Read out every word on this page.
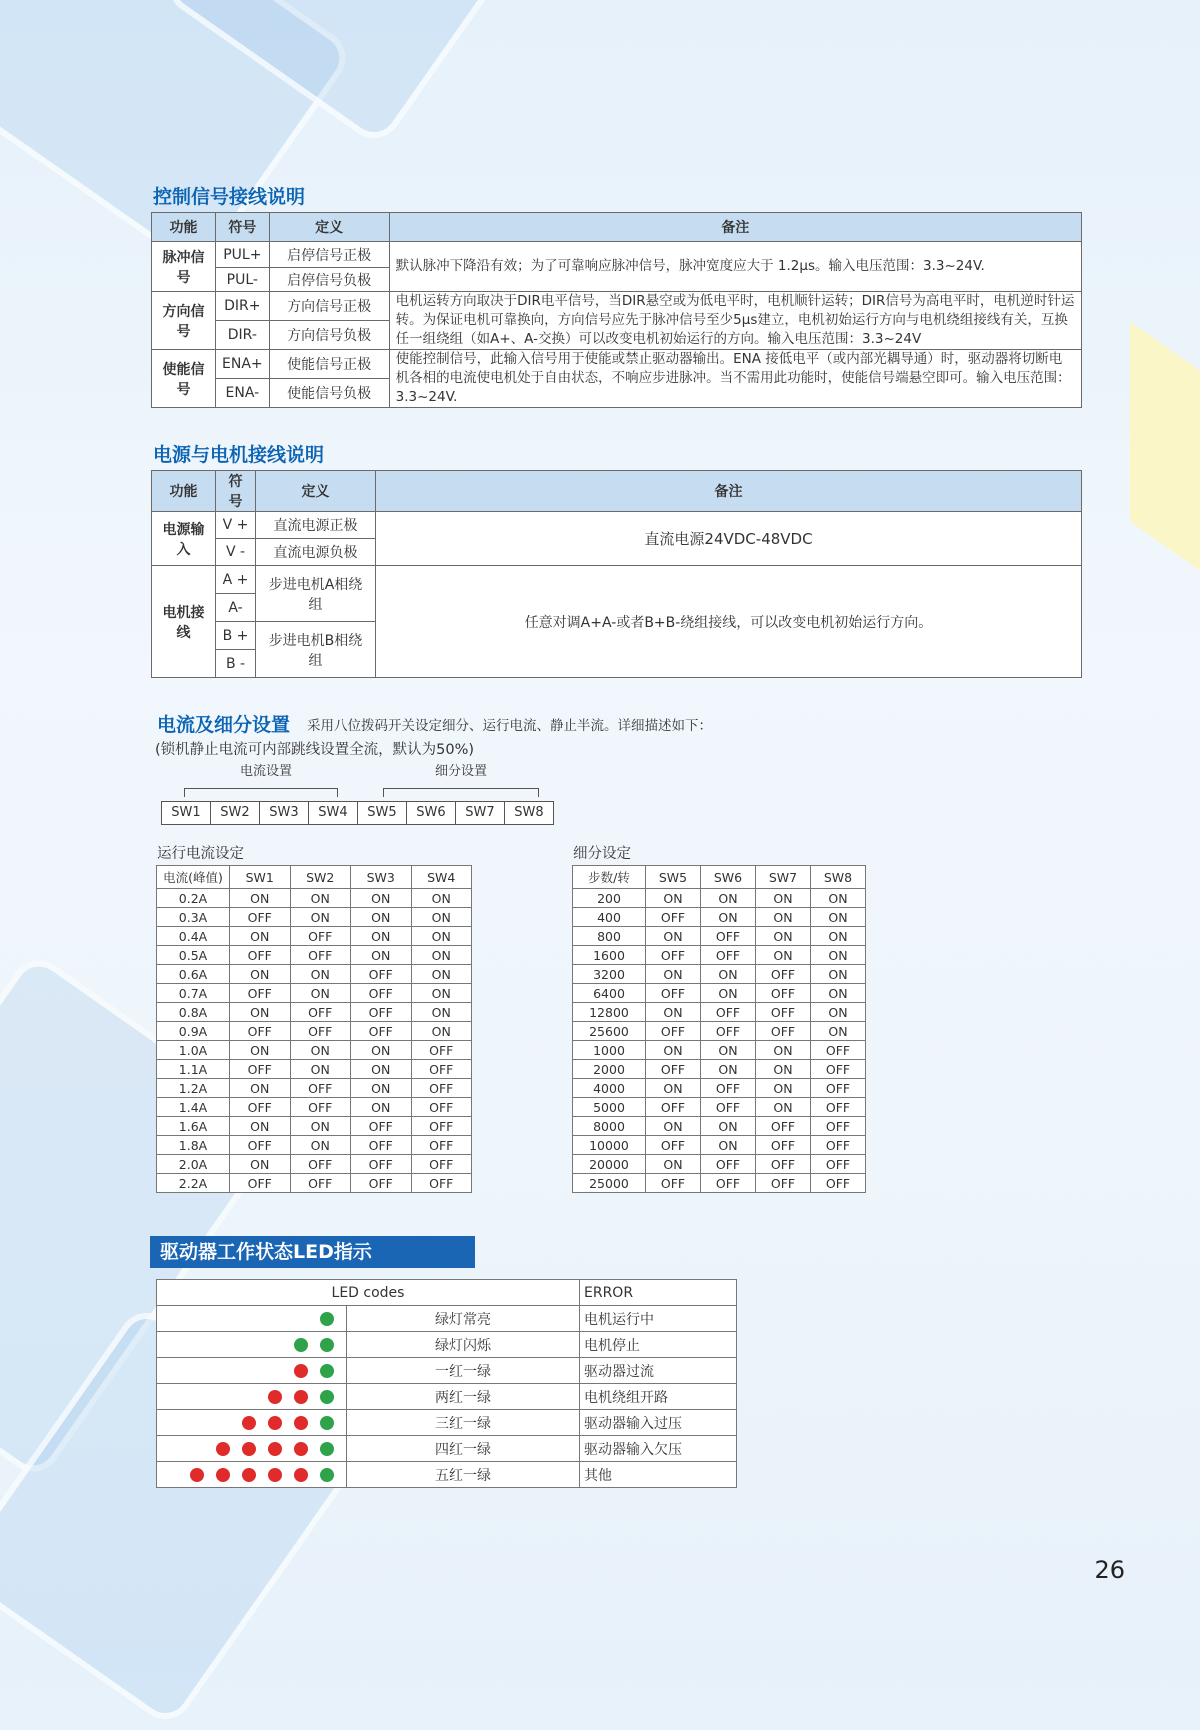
控制信号接线说明
功能	符号	定义	备注
脉冲信号	PUL+	启停信号正极	默认脉冲下降沿有效；为了可靠响应脉冲信号，脉冲宽度应大于 1.2μs。输入电压范围：3.3~24V.
	PUL-	启停信号负极	
方向信号	DIR+	方向信号正极	电机运转方向取决于DIR电平信号，当DIR悬空或为低电平时，电机顺针运转；DIR信号为高电平时，电机逆时针运转。为保证电机可靠换向，方向信号应先于脉冲信号至少5μs建立，电机初始运行方向与电机绕组接线有关，互换任一组绕组（如A+、A-交换）可以改变电机初始运行的方向。输入电压范围：3.3~24V
	DIR-	方向信号负极	
使能信号	ENA+	使能信号正极	使能控制信号，此输入信号用于使能或禁止驱动器输出。ENA 接低电平（或内部光耦导通）时，驱动器将切断电机各相的电流使电机处于自由状态，不响应步进脉冲。当不需用此功能时，使能信号端悬空即可。输入电压范围：3.3~24V.
	ENA-	使能信号负极	
电源与电机接线说明
功能	符号	定义	备注
电源输入	V +	直流电源正极	直流电源24VDC-48VDC
	V -	直流电源负极	
电机接线	A +	步进电机A相绕组	任意对调A+A-或者B+B-绕组接线，可以改变电机初始运行方向。
	A-		
	B +	步进电机B相绕组	
	B -		
电流及细分设置 采用八位拨码开关设定细分、运行电流、静止半流。详细描述如下：
(锁机静止电流可内部跳线设置全流，默认为50%)
电流设置	细分设置
SW1	SW2	SW3	SW4	SW5	SW6	SW7	SW8
运行电流设定
电流(峰值)	SW1	SW2	SW3	SW4
0.2A	ON	ON	ON	ON
0.3A	OFF	ON	ON	ON
0.4A	ON	OFF	ON	ON
0.5A	OFF	OFF	ON	ON
0.6A	ON	ON	OFF	ON
0.7A	OFF	ON	OFF	ON
0.8A	ON	OFF	OFF	ON
0.9A	OFF	OFF	OFF	ON
1.0A	ON	ON	ON	OFF
1.1A	OFF	ON	ON	OFF
1.2A	ON	OFF	ON	OFF
1.4A	OFF	OFF	ON	OFF
1.6A	ON	ON	OFF	OFF
1.8A	OFF	ON	OFF	OFF
2.0A	ON	OFF	OFF	OFF
2.2A	OFF	OFF	OFF	OFF
细分设定
步数/转	SW5	SW6	SW7	SW8
200	ON	ON	ON	ON
400	OFF	ON	ON	ON
800	ON	OFF	ON	ON
1600	OFF	OFF	ON	ON
3200	ON	ON	OFF	ON
6400	OFF	ON	OFF	ON
12800	ON	OFF	OFF	ON
25600	OFF	OFF	OFF	ON
1000	ON	ON	ON	OFF
2000	OFF	ON	ON	OFF
4000	ON	OFF	ON	OFF
5000	OFF	OFF	ON	OFF
8000	ON	ON	OFF	OFF
10000	OFF	ON	OFF	OFF
20000	ON	OFF	OFF	OFF
25000	OFF	OFF	OFF	OFF
驱动器工作状态LED指示
LED codes		ERROR
	绿灯常亮	电机运行中
	绿灯闪烁	电机停止
	一红一绿	驱动器过流
	两红一绿	电机绕组开路
	三红一绿	驱动器输入过压
	四红一绿	驱动器输入欠压
	五红一绿	其他
26
